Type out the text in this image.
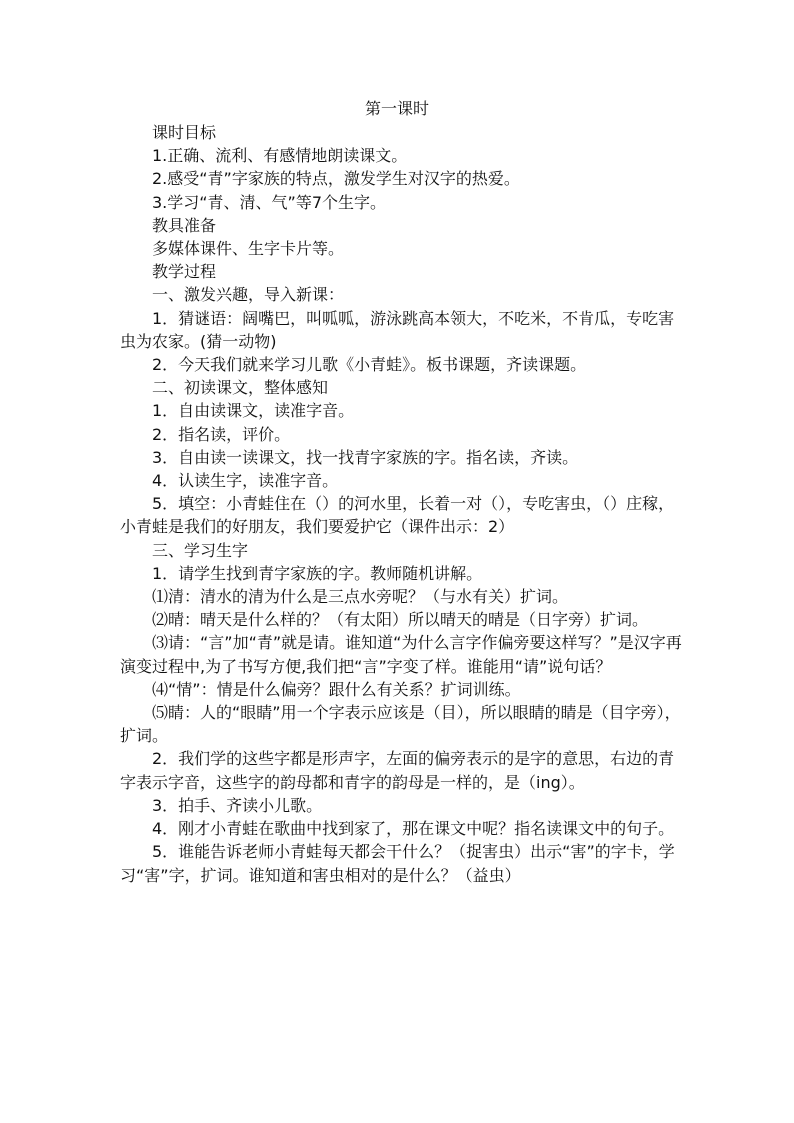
第一课时

课时目标

1.正确、流利、有感情地朗读课文。

2.感受“青”字家族的特点，激发学生对汉字的热爱。

3.学习“青、清、气”等7个生字。

教具准备

多媒体课件、生字卡片等。

教学过程

一、激发兴趣，导入新课：

1．猜谜语：阔嘴巴，叫呱呱，游泳跳高本领大，不吃米，不肯瓜，专吃害虫为农家。(猜一动物)

2．今天我们就来学习儿歌《小青蛙》。板书课题，齐读课题。

二、初读课文，整体感知

1．自由读课文，读准字音。

2．指名读，评价。

3．自由读一读课文，找一找青字家族的字。指名读，齐读。

4．认读生字，读准字音。

5．填空：小青蛙住在（）的河水里，长着一对（），专吃害虫，（）庄稼，小青蛙是我们的好朋友，我们要爱护它（课件出示：2）

三、学习生字

1．请学生找到青字家族的字。教师随机讲解。

⑴清：清水的清为什么是三点水旁呢？（与水有关）扩词。

⑵晴：晴天是什么样的？（有太阳）所以晴天的晴是（日字旁）扩词。

⑶请：“言”加“青”就是请。谁知道“为什么言字作偏旁要这样写？”是汉字再演变过程中,为了书写方便,我们把“言”字变了样。谁能用“请”说句话？

⑷“情”：情是什么偏旁？跟什么有关系？扩词训练。

⑸睛：人的“眼睛”用一个字表示应该是（目），所以眼睛的睛是（目字旁），扩词。

2．我们学的这些字都是形声字，左面的偏旁表示的是字的意思，右边的青字表示字音，这些字的韵母都和青字的韵母是一样的，是（ing）。

3．拍手、齐读小儿歌。

4．刚才小青蛙在歌曲中找到家了，那在课文中呢？指名读课文中的句子。

5．谁能告诉老师小青蛙每天都会干什么？（捉害虫）出示“害”的字卡，学习“害”字，扩词。谁知道和害虫相对的是什么？（益虫）
